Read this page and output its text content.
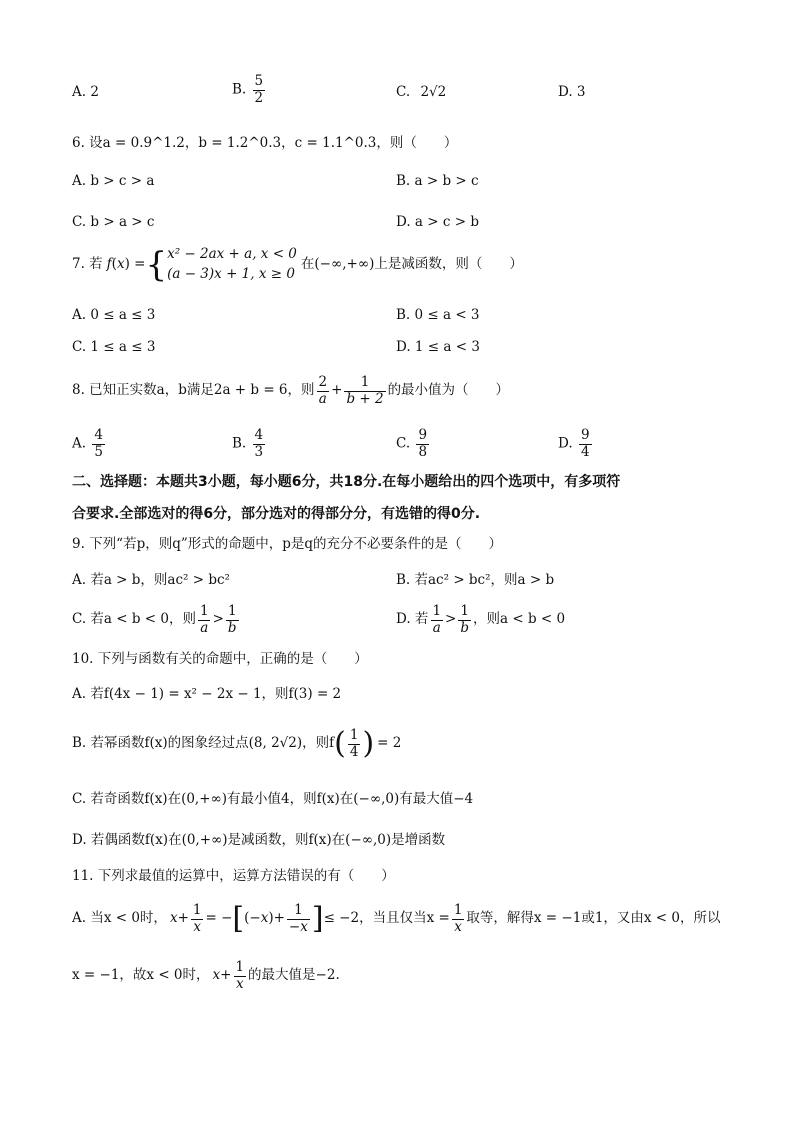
A. 2	B. $\frac{5}{2}$	C. 2√2	D. 3
6. 设a = 0.9^1.2，b = 1.2^0.3，c = 1.1^0.3，则（　　）
A. b > c > a	B. a > b > c
C. b > a > c	D. a > c > b
7. 若 f ( x ) = { x² − 2ax + a, x < 0
(a − 3)x + 1, x ≥ 0
在(−∞,+∞)上是减函数，则（　　）
A. 0 ≤ a ≤ 3	B. 0 ≤ a < 3
C. 1 ≤ a ≤ 3	D. 1 ≤ a < 3
8. 已知正实数a，b满足2a + b = 6，则 $\frac{2}{a} + \frac{1}{b + 2}$ 的最小值为（　　）
A. $\frac{4}{5}$	B. $\frac{4}{3}$	C. $\frac{9}{8}$	D. $\frac{9}{4}$
二、选择题：本题共3小题，每小题6分，共18分.在每小题给出的四个选项中，有多项符
合要求.全部选对的得6分，部分选对的得部分分，有选错的得0分.
9. 下列“若p，则q”形式的命题中，p是q的充分不必要条件的是（　　）
A. 若a > b，则ac² > bc²	B. 若ac² > bc²，则a > b
C. 若a < b < 0，则 $\frac{1}{a} > \frac{1}{b}$	D. 若 $\frac{1}{a} > \frac{1}{b}$ ，则a < b < 0
10. 下列与函数有关的命题中，正确的是（　　）
A. 若f(4x − 1) = x² − 2x − 1，则f(3) = 2
B. 若幂函数f(x)的图象经过点(8, 2√2)，则f ( $\frac{1}{4}$ ) = 2
C. 若奇函数f(x)在(0,+∞)有最小值4，则f(x)在(−∞,0)有最大值−4
D. 若偶函数f(x)在(0,+∞)是减函数，则f(x)在(−∞,0)是增函数
11. 下列求最值的运算中，运算方法错误的有（　　）
A. 当x < 0时， $x + \frac{1}{x}$ = − [ (− x )+ $\frac{1}{-x}$ ] ≤ −2，当且仅当$x = \frac{1}{x}$ 取等，解得x = −1或1，又由x < 0，所以
x = −1，故x < 0时， $x + \frac{1}{x}$ 的最大值是−2.
